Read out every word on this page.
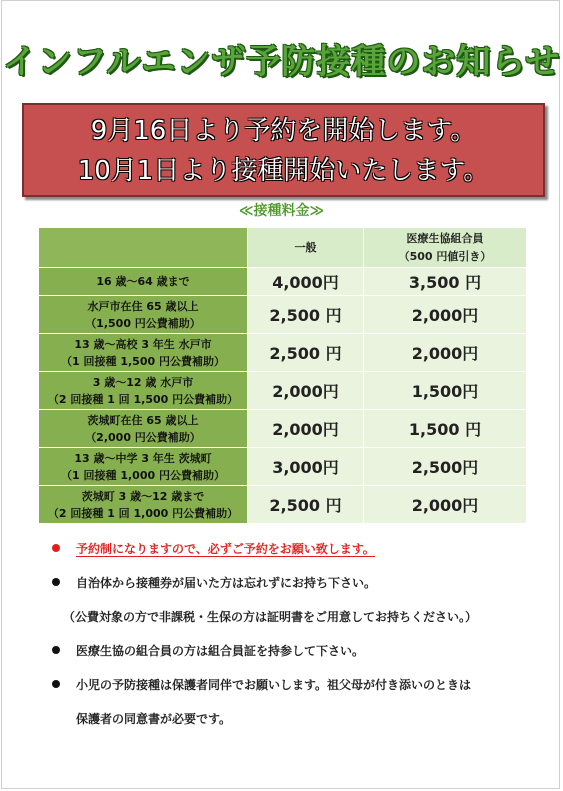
インフルエンザ予防接種のお知らせ
9月16日より予約を開始します。
10月1日より接種開始いたします。
≪接種料金≫
	一般	医療生協組合員
（500 円値引き）

16 歳～64 歳まで	4,000円	3,500 円

水戸市在住 65 歳以上
（1,500 円公費補助）	2,500 円	2,000円

13 歳～高校 3 年生 水戸市
（1 回接種 1,500 円公費補助）	2,500 円	2,000円

3 歳～12 歳 水戸市
（2 回接種 1 回 1,500 円公費補助）	2,000円	1,500円

茨城町在住 65 歳以上
（2,000 円公費補助）	2,000円	1,500 円

13 歳～中学 3 年生 茨城町
（1 回接種 1,000 円公費補助）	3,000円	2,500円

茨城町 3 歳～12 歳まで
（2 回接種 1 回 1,000 円公費補助）	2,500 円	2,000円
予約制になりますので、必ずご予約をお願い致します。
自治体から接種券が届いた方は忘れずにお持ち下さい。
（公費対象の方で非課税・生保の方は証明書をご用意してお持ちください。）
医療生協の組合員の方は組合員証を持参して下さい。
小児の予防接種は保護者同伴でお願いします。祖父母が付き添いのときは
保護者の同意書が必要です。
